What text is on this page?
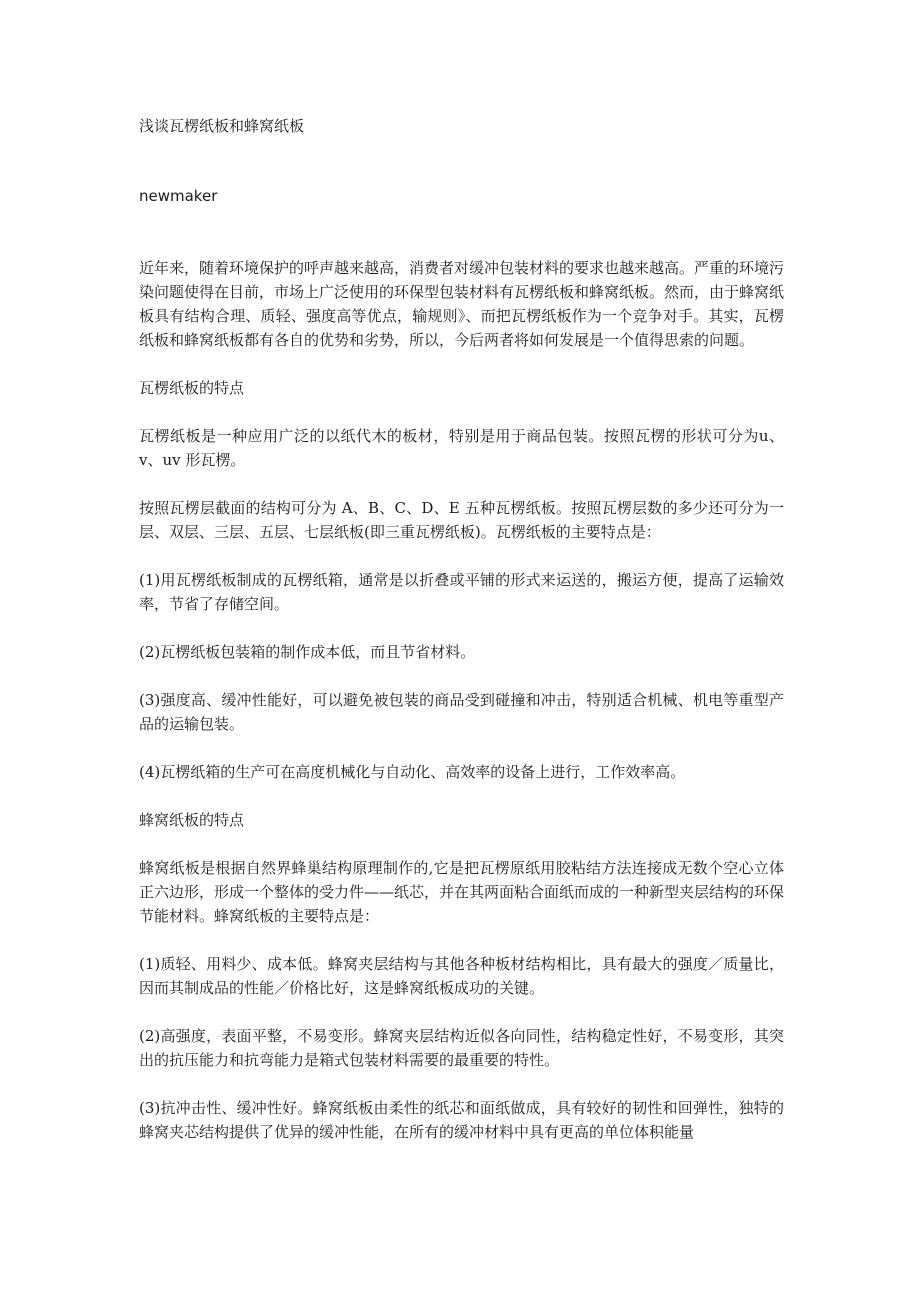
浅谈瓦楞纸板和蜂窝纸板

newmaker

近年来，随着环境保护的呼声越来越高，消费者对缓冲包装材料的要求也越来越高。严重的环境污染问题使得在目前，市场上广泛使用的环保型包装材料有瓦楞纸板和蜂窝纸板。然而，由于蜂窝纸板具有结构合理、质轻、强度高等优点，输规则》、而把瓦楞纸板作为一个竞争对手。其实，瓦楞纸板和蜂窝纸板都有各自的优势和劣势，所以，今后两者将如何发展是一个值得思索的问题。

瓦楞纸板的特点

瓦楞纸板是一种应用广泛的以纸代木的板材，特别是用于商品包装。按照瓦楞的形状可分为u、v、uv 形瓦楞。

按照瓦楞层截面的结构可分为 A、B、C、D、E 五种瓦楞纸板。按照瓦楞层数的多少还可分为一层、双层、三层、五层、七层纸板(即三重瓦楞纸板)。瓦楞纸板的主要特点是：

(1)用瓦楞纸板制成的瓦楞纸箱，通常是以折叠或平铺的形式来运送的，搬运方便，提高了运输效率，节省了存储空间。

(2)瓦楞纸板包装箱的制作成本低，而且节省材料。

(3)强度高、缓冲性能好，可以避免被包装的商品受到碰撞和冲击，特别适合机械、机电等重型产品的运输包装。

(4)瓦楞纸箱的生产可在高度机械化与自动化、高效率的设备上进行，工作效率高。

蜂窝纸板的特点

蜂窝纸板是根据自然界蜂巢结构原理制作的,它是把瓦楞原纸用胶粘结方法连接成无数个空心立体正六边形，形成一个整体的受力件——纸芯，并在其两面粘合面纸而成的一种新型夹层结构的环保节能材料。蜂窝纸板的主要特点是：

(1)质轻、用料少、成本低。蜂窝夹层结构与其他各种板材结构相比，具有最大的强度／质量比，因而其制成品的性能／价格比好，这是蜂窝纸板成功的关键。

(2)高强度，表面平整，不易变形。蜂窝夹层结构近似各向同性，结构稳定性好，不易变形，其突出的抗压能力和抗弯能力是箱式包装材料需要的最重要的特性。

(3)抗冲击性、缓冲性好。蜂窝纸板由柔性的纸芯和面纸做成，具有较好的韧性和回弹性，独特的蜂窝夹芯结构提供了优异的缓冲性能，在所有的缓冲材料中具有更高的单位体积能量
